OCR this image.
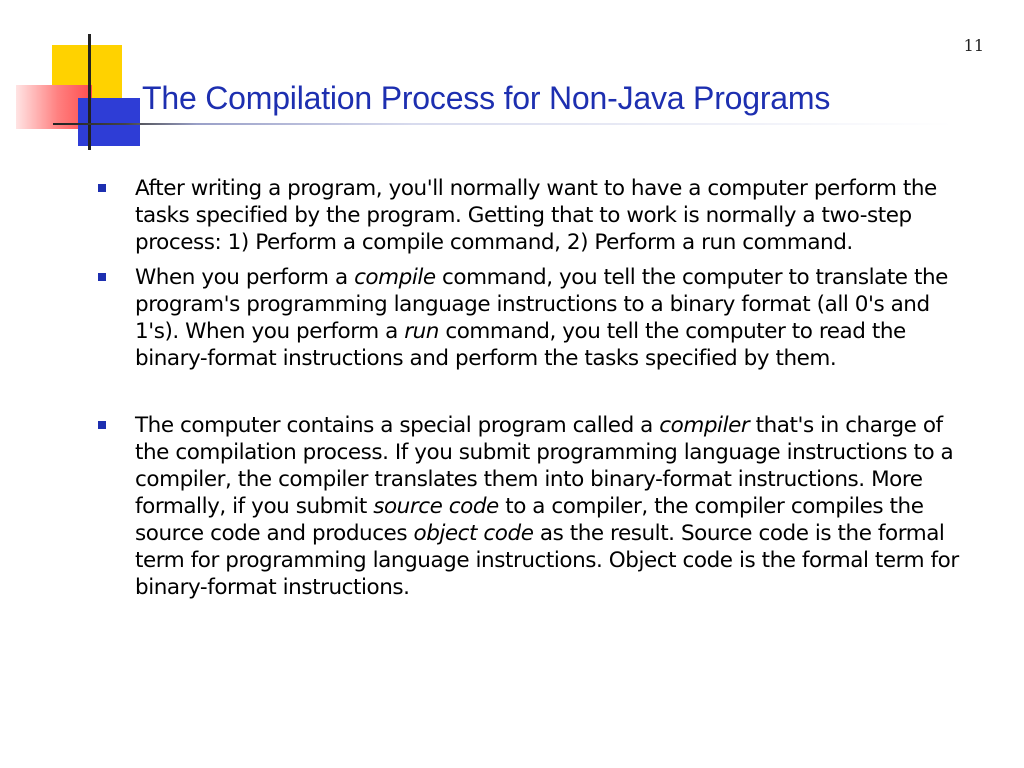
11
The Compilation Process for Non-Java Programs
After writing a program, you'll normally want to have a computer perform the tasks specified by the program. Getting that to work is normally a two-step process: 1) Perform a compile command, 2) Perform a run command.
When you perform a compile command, you tell the computer to translate the program's programming language instructions to a binary format (all 0's and 1's). When you perform a run command, you tell the computer to read the binary-format instructions and perform the tasks specified by them.
The computer contains a special program called a compiler that's in charge of the compilation process. If you submit programming language instructions to a compiler, the compiler translates them into binary-format instructions. More formally, if you submit source code to a compiler, the compiler compiles the source code and produces object code as the result. Source code is the formal term for programming language instructions. Object code is the formal term for binary-format instructions.
